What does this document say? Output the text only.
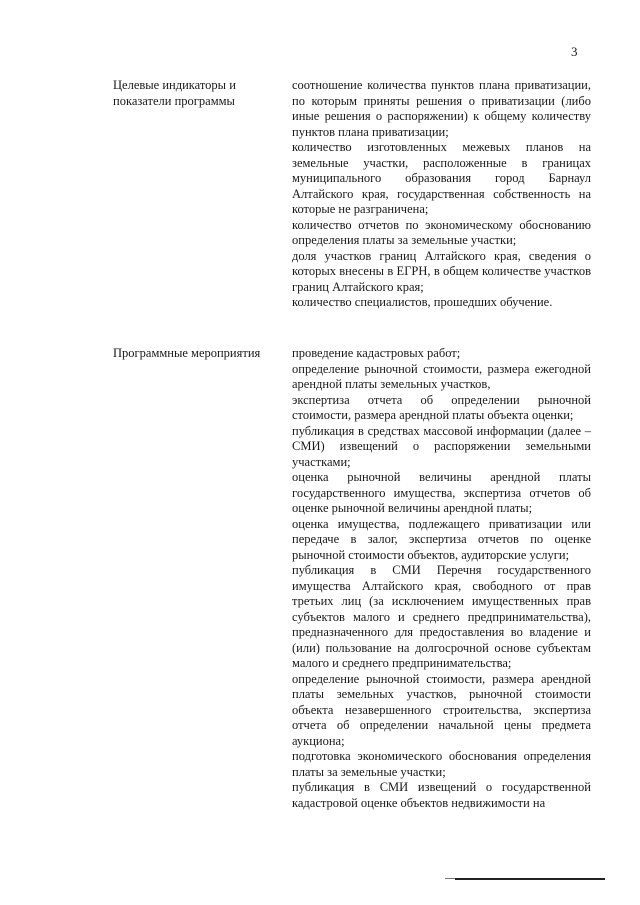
3
Целевые индикаторы и показатели программы

соотношение количества пунктов плана приватизации, по которым приняты решения о приватизации (либо иные решения о распоряжении) к общему количеству пунктов плана приватизации;

количество изготовленных межевых планов на земельные участки, расположенные в границах муниципального образования город Барнаул Алтайского края, государственная собственность на которые не разграничена;

количество отчетов по экономическому обоснованию определения платы за земельные участки;

доля участков границ Алтайского края, сведения о которых внесены в ЕГРН, в общем количестве участков границ Алтайского края;

количество специалистов, прошедших обучение.

Программные мероприятия	проведение кадастровых работ;

определение рыночной стоимости, размера ежегодной арендной платы земельных участков,

экспертиза отчета об определении рыночной стоимости, размера арендной платы объекта оценки;

публикация в средствах массовой информации (далее – СМИ) извещений о распоряжении земельными участками;

оценка рыночной величины арендной платы государственного имущества, экспертиза отчетов об оценке рыночной величины арендной платы;

оценка имущества, подлежащего приватизации или передаче в залог, экспертиза отчетов по оценке рыночной стоимости объектов, аудиторские услуги;

публикация в СМИ Перечня государственного имущества Алтайского края, свободного от прав третьих лиц (за исключением имущественных прав субъектов малого и среднего предпринимательства), предназначенного для предоставления во владение и (или) пользование на долгосрочной основе субъектам малого и среднего предпринимательства;

определение рыночной стоимости, размера арендной платы земельных участков, рыночной стоимости объекта незавершенного строительства, экспертиза отчета об определении начальной цены предмета аукциона;

подготовка экономического обоснования определения платы за земельные участки;

публикация в СМИ извещений о государственной кадастровой оценке объектов недвижимости на
